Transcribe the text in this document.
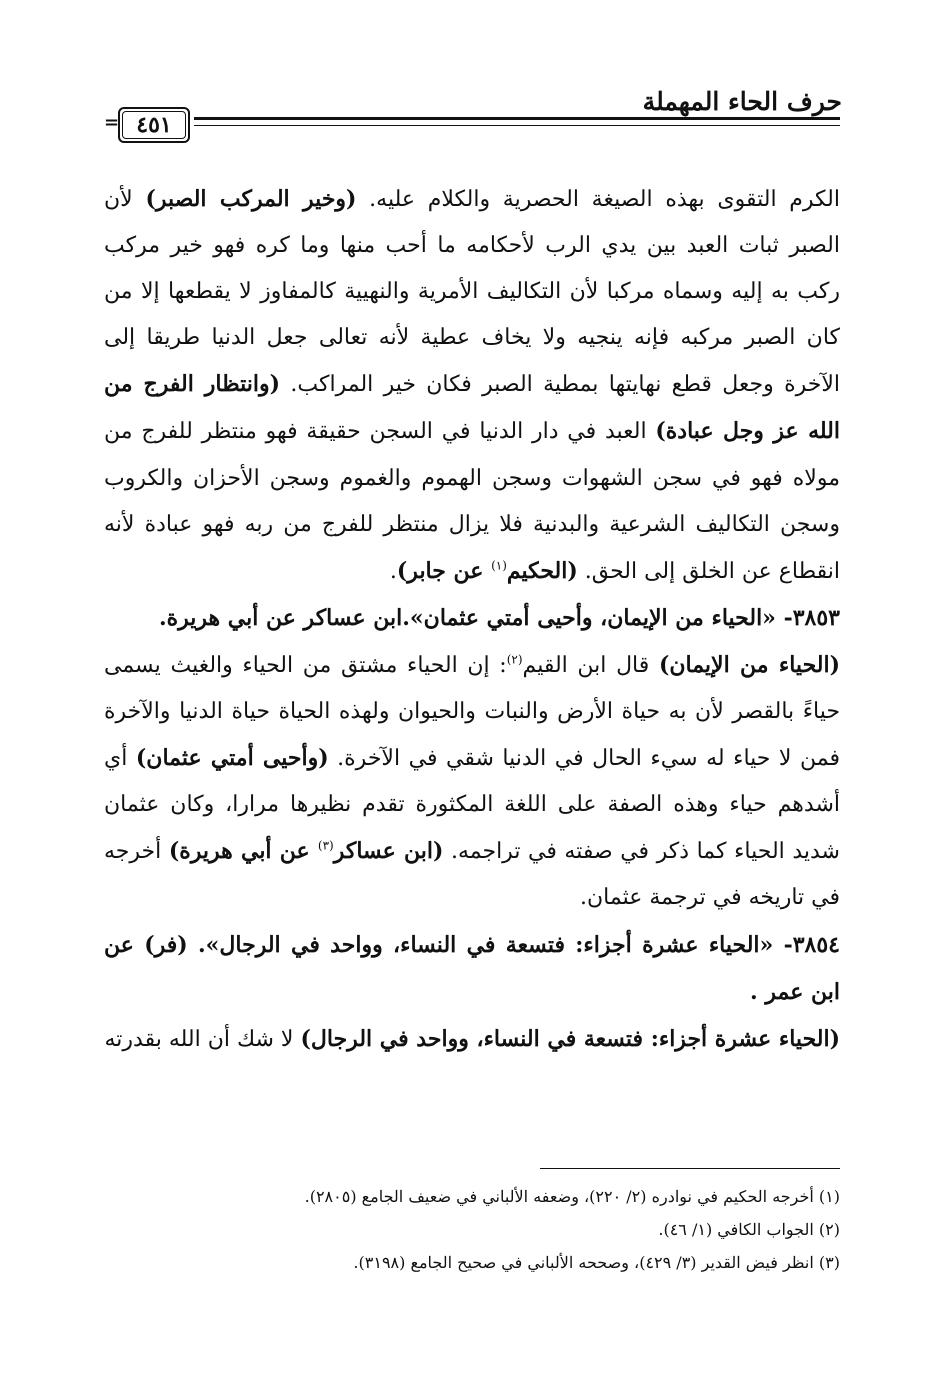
حرف الحاء المهملة
٤٥١
=

الكرم التقوى بهذه الصيغة الحصرية والكلام عليه. (وخير المركب الصبر) لأن الصبر ثبات العبد بين يدي الرب لأحكامه ما أحب منها وما كره فهو خير مركب ركب به إليه وسماه مركبا لأن التكاليف الأمرية والنهيية كالمفاوز لا يقطعها إلا من كان الصبر مركبه فإنه ينجيه ولا يخاف عطية لأنه تعالى جعل الدنيا طريقا إلى الآخرة وجعل قطع نهايتها بمطية الصبر فكان خير المراكب. (وانتظار الفرج من الله عز وجل عبادة) العبد في دار الدنيا في السجن حقيقة فهو منتظر للفرج من مولاه فهو في سجن الشهوات وسجن الهموم والغموم وسجن الأحزان والكروب وسجن التكاليف الشرعية والبدنية فلا يزال منتظر للفرج من ربه فهو عبادة لأنه انقطاع عن الخلق إلى الحق. (الحكيم$^{(١)}$ عن جابر).

٣٨٥٣- «الحياء من الإيمان، وأحيى أمتي عثمان».ابن عساكر عن أبي هريرة.

(الحياء من الإيمان) قال ابن القيم$^{(٢)}$: إن الحياء مشتق من الحياء والغيث يسمى حياءً بالقصر لأن به حياة الأرض والنبات والحيوان ولهذه الحياة حياة الدنيا والآخرة فمن لا حياء له سيء الحال في الدنيا شقي في الآخرة. (وأحيى أمتي عثمان) أي أشدهم حياء وهذه الصفة على اللغة المكثورة تقدم نظيرها مرارا، وكان عثمان شديد الحياء كما ذكر في صفته في تراجمه. (ابن عساكر$^{(٣)}$ عن أبي هريرة) أخرجه في تاريخه في ترجمة عثمان.

٣٨٥٤- «الحياء عشرة أجزاء: فتسعة في النساء، وواحد في الرجال». (فر) عن ابن عمر .

(الحياء عشرة أجزاء: فتسعة في النساء، وواحد في الرجال) لا شك أن الله بقدرته

(١) أخرجه الحكيم في نوادره (٢/ ٢٢٠)، وضعفه الألباني في ضعيف الجامع (٢٨٠٥).
(٢) الجواب الكافي (١/ ٤٦).
(٣) انظر فيض القدير (٣/ ٤٢٩)، وصححه الألباني في صحيح الجامع (٣١٩٨).
